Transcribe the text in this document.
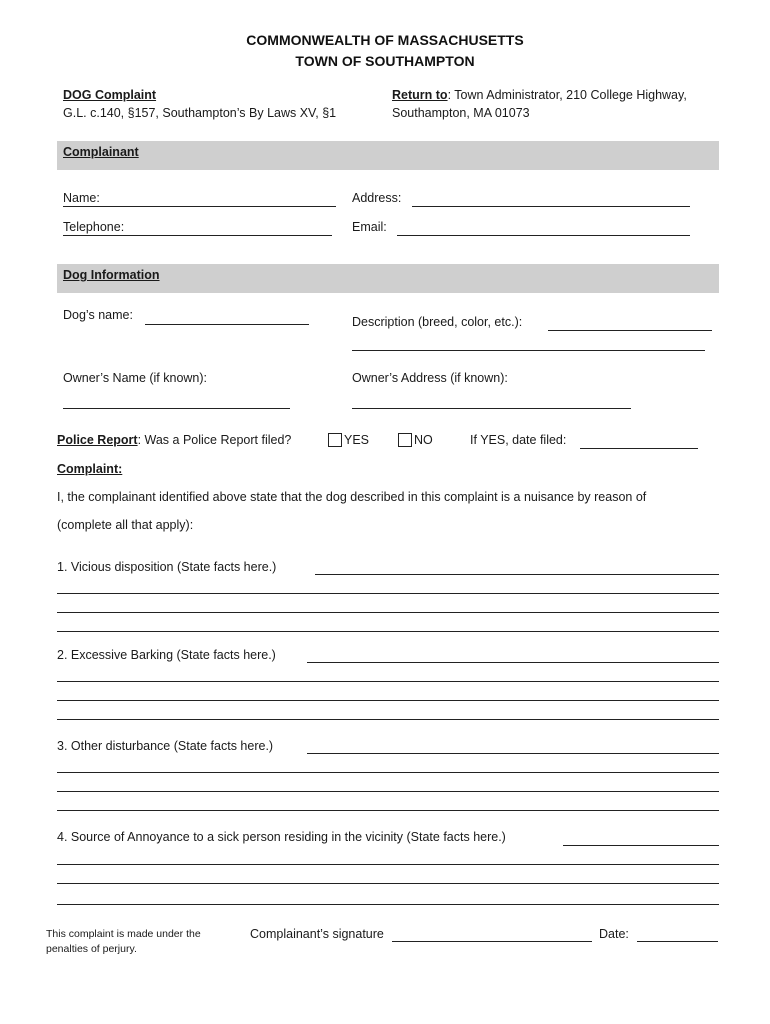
COMMONWEALTH OF MASSACHUSETTS
TOWN OF SOUTHAMPTON
DOG Complaint
G.L. c.140, §157, Southampton’s By Laws XV, §1
Return to: Town Administrator, 210 College Highway,
Southampton, MA 01073
Complainant
Name:	Address:
Telephone:	Email:
Dog Information
Dog’s name:	Description (breed, color, etc.):
Owner’s Name (if known):	Owner’s Address (if known):
Police Report: Was a Police Report filed?	YES	NO	If YES, date filed:
Complaint:
I, the complainant identified above state that the dog described in this complaint is a nuisance by reason of
(complete all that apply):
1. Vicious disposition (State facts here.)
2. Excessive Barking (State facts here.)
3. Other disturbance (State facts here.)
4. Source of Annoyance to a sick person residing in the vicinity (State facts here.)
This complaint is made under the penalties of perjury.
Complainant’s signature	Date:
